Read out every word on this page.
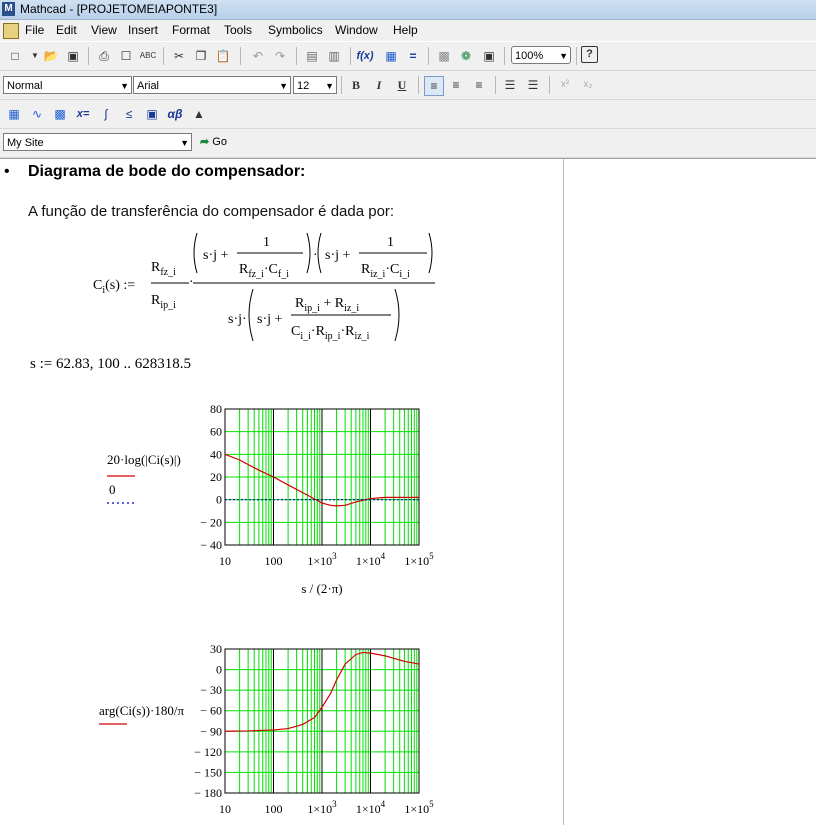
M Mathcad - [PROJETOMEIAPONTE3]
File Edit View Insert Format Tools Symbolics Window Help
□	▼ 📂 ▣	⎙ ☐	ABC	✂ ❐ 📋	↶ ↷	▤ ▥	f(x) ▦	=	▩ ❁	▣	100% ▼	?
Normal	▼ Arial	▼ 12 ▼	B	I	U	≡	≡	≡	☰	☰	x²	x₂
▦	∿	▩	x=	∫	≤	▣ αβ ▲
My Site	▼ ➦ Go
• Diagrama de bode do compensador:
A função de transferência do compensador é dada por:
$C_i(s)$ :=
$R_{fz\_i}$
$R_{ip\_i}$
·
s·j +
1
$R_{fz\_i}\cdot C_{f\_i}$
· s·j +
1
$R_{iz\_i}\cdot C_{i\_i}$
s·j· s·j +
$R_{ip\_i} + R_{iz\_i}$
$C_{i\_i}\cdot R_{ip\_i}\cdot R_{iz\_i}$
s := 62.83, 100 .. 628318.5
80
60
40
20
0
− 20
− 40
10	100 $1\times 10^3$ $1\times 10^4$ $1\times 10^5$
20·log(|Ci(s)|)
0
s / (2·π)
30
0
− 30
− 60
− 90
− 120
− 150
− 180
10	100 $1\times 10^3$ $1\times 10^4$ $1\times 10^5$
arg(Ci(s))·180/π
